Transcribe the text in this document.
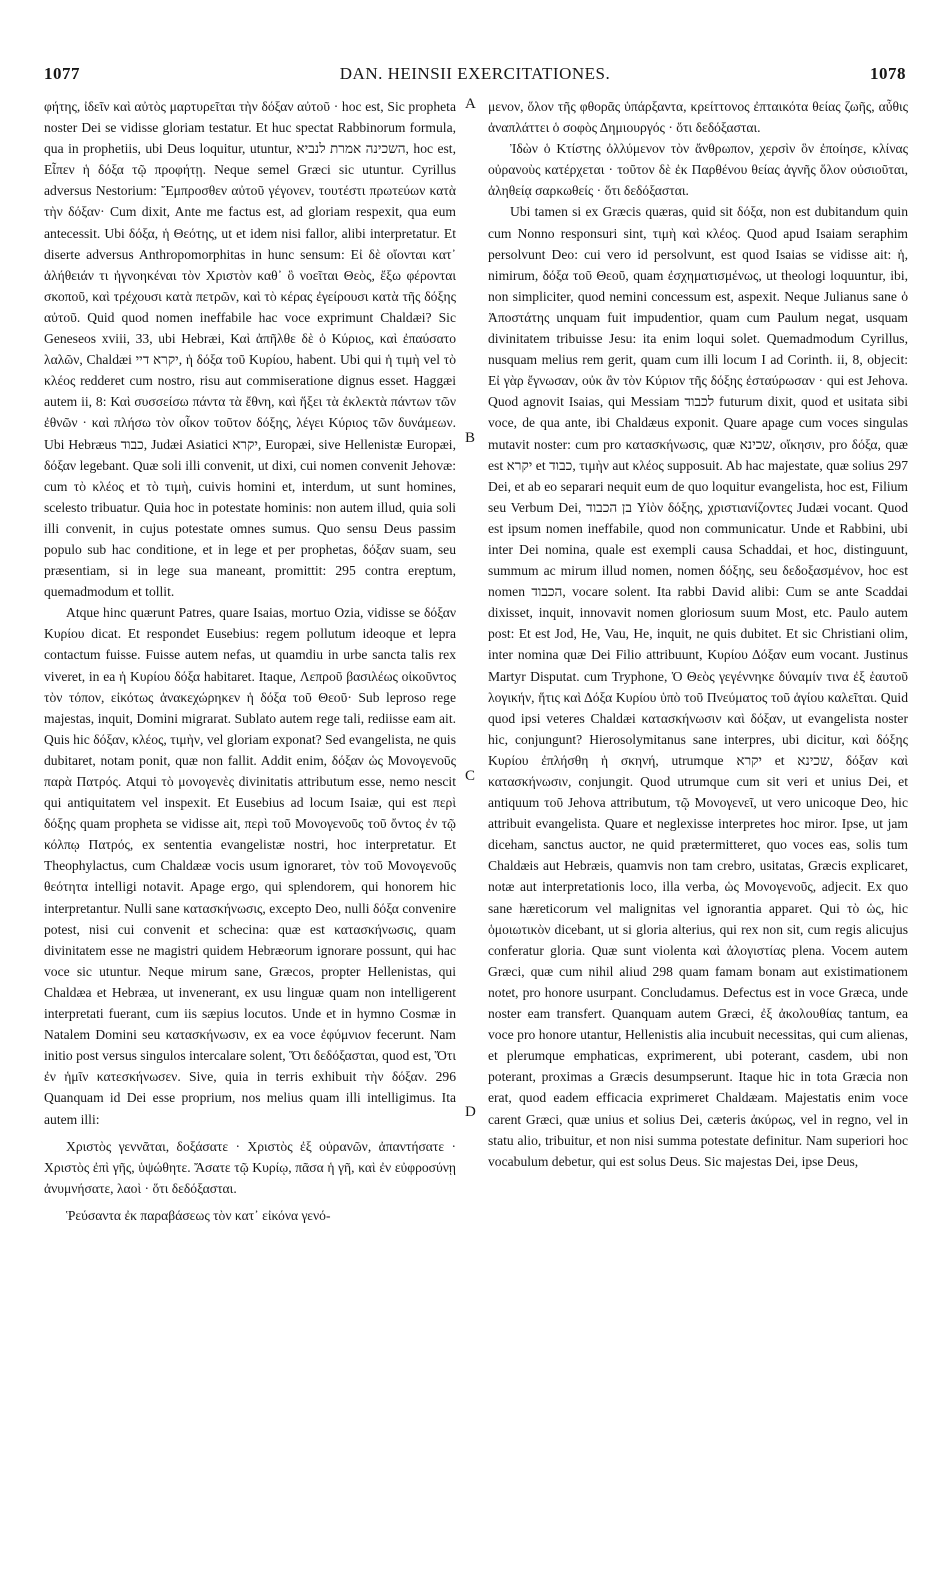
1077	DAN. HEINSII EXERCITATIONES.	1078
A
B
C
D

φήτης, ἰδεῖν καὶ αὐτὸς μαρτυρεῖται τὴν δόξαν αὐτοῦ · hoc est, Sic propheta noster Dei se vidisse gloriam testatur. Et huc spectat Rabbinorum formula, qua in prophetiis, ubi Deus loquitur, utuntur, השכינה אמרת לנביא, hoc est, Εἶπεν ἡ δόξα τῷ προφήτῃ. Neque semel Græci sic utuntur. Cyrillus adversus Nestorium: Ἔμπροσθεν αὐτοῦ γέγονεν, τουτέστι πρωτεύων κατὰ τὴν δόξαν· Cum dixit, Ante me factus est, ad gloriam respexit, qua eum antecessit. Ubi δόξα, ἡ Θεότης, ut et idem nisi fallor, alibi interpretatur. Et diserte adversus Anthropomorphitas in hunc sensum: Εἰ δὲ οἴονται κατ᾿ ἀλήθειάν τι ἠγνοηκέναι τὸν Χριστὸν καθ᾿ ὃ νοεῖται Θεὸς, ἔξω φέρονται σκοποῦ, καὶ τρέχουσι κατὰ πετρῶν, καὶ τὸ κέρας ἐγείρουσι κατὰ τῆς δόξης αὐτοῦ. Quid quod nomen ineffabile hac voce exprimunt Chaldæi? Sic Geneseos xviii, 33, ubi Hebræi, Καὶ ἀπῆλθε δὲ ὁ Κύριος, καὶ ἐπαύσατο λαλῶν, Chaldæi יקרא דיי, ἡ δόξα τοῦ Κυρίου, habent. Ubi qui ἡ τιμὴ vel τὸ κλέος redderet cum nostro, risu aut commiseratione dignus esset. Haggæi autem ii, 8: Καὶ συσσείσω πάντα τὰ ἔθνη, καὶ ἥξει τὰ ἐκλεκτὰ πάντων τῶν ἐθνῶν · καὶ πλήσω τὸν οἶκον τοῦτον δόξης, λέγει Κύριος τῶν δυνάμεων. Ubi Hebræus כבוד, Judæi Asiatici יקרא, Europæi, sive Hellenistæ Europæi, δόξαν legebant. Quæ soli illi convenit, ut dixi, cui nomen convenit Jehovæ: cum τὸ κλέος et τὸ τιμὴ, cuivis homini et, interdum, ut sunt homines, scelesto tribuatur. Quia hoc in potestate hominis: non autem illud, quia soli illi convenit, in cujus potestate omnes sumus. Quo sensu Deus passim populo sub hac conditione, et in lege et per prophetas, δόξαν suam, seu præsentiam, si in lege sua maneant, promittit: 295 contra ereptum, quemadmodum et tollit.

Atque hinc quærunt Patres, quare Isaias, mortuo Ozia, vidisse se δόξαν Κυρίου dicat. Et respondet Eusebius: regem pollutum ideoque et lepra contactum fuisse. Fuisse autem nefas, ut quamdiu in urbe sancta talis rex viveret, in ea ἡ Κυρίου δόξα habitaret. Itaque, Λεπροῦ βασιλέως οἰκοῦντος τὸν τόπον, εἰκότως ἀνακεχώρηκεν ἡ δόξα τοῦ Θεοῦ· Sub leproso rege majestas, inquit, Domini migrarat. Sublato autem rege tali, rediisse eam ait. Quis hic δόξαν, κλέος, τιμὴν, vel gloriam exponat? Sed evangelista, ne quis dubitaret, notam ponit, quæ non fallit. Addit enim, δόξαν ὡς Μονογενοῦς παρὰ Πατρός. Atqui τὸ μονογενὲς divinitatis attributum esse, nemo nescit qui antiquitatem vel inspexit. Et Eusebius ad locum Isaiæ, qui est περὶ δόξης quam propheta se vidisse ait, περὶ τοῦ Μονογενοῦς τοῦ ὄντος ἐν τῷ κόλπῳ Πατρός, ex sententia evangelistæ nostri, hoc interpretatur. Et Theophylactus, cum Chaldææ vocis usum ignoraret, τὸν τοῦ Μονογενοῦς θεότητα intelligi notavit. Apage ergo, qui splendorem, qui honorem hic interpretantur. Nulli sane κατασκήνωσις, excepto Deo, nulli δόξα convenire potest, nisi cui convenit et schecina: quæ est κατασκήνωσις, quam divinitatem esse ne magistri quidem Hebræorum ignorare possunt, qui hac voce sic utuntur. Neque mirum sane, Græcos, propter Hellenistas, qui Chaldæa et Hebræa, ut invenerant, ex usu linguæ quam non intelligerent interpretati fuerant, cum iis sæpius locutos. Unde et in hymno Cosmæ in Natalem Domini seu κατασκήνωσιν, ex ea voce ἐφύμνιον fecerunt. Nam initio post versus singulos intercalare solent, Ὅτι δεδόξασται, quod est, Ὅτι ἐν ἡμῖν κατεσκήνωσεν. Sive, quia in terris exhibuit τὴν δόξαν. 296 Quanquam id Dei esse proprium, nos melius quam illi intelligimus. Ita autem illi:

Χριστὸς γεννᾶται, δοξάσατε · Χριστὸς ἐξ οὐρανῶν, ἀπαντήσατε · Χριστὸς ἐπὶ γῆς, ὑψώθητε. Ἄσατε τῷ Κυρίῳ, πᾶσα ἡ γῆ, καὶ ἐν εὐφροσύνῃ ἀνυμνήσατε, λαοὶ · ὅτι δεδόξασται.

Ῥεύσαντα ἐκ παραβάσεως τὸν κατ᾿ εἰκόνα γενό-

μενον, ὅλον τῆς φθορᾶς ὑπάρξαντα, κρείττονος ἐπταικότα θείας ζωῆς, αὖθις ἀναπλάττει ὁ σοφὸς Δημιουργός · ὅτι δεδόξασται.

Ἰδὼν ὁ Κτίστης ὀλλύμενον τὸν ἄνθρωπον, χερσὶν ὃν ἐποίησε, κλίνας οὐρανοὺς κατέρχεται · τοῦτον δὲ ἐκ Παρθένου θείας ἁγνῆς ὅλον οὐσιοῦται, ἀληθείᾳ σαρκωθείς · ὅτι δεδόξασται.

Ubi tamen si ex Græcis quæras, quid sit δόξα, non est dubitandum quin cum Nonno responsuri sint, τιμὴ καὶ κλέος. Quod apud Isaiam seraphim persolvunt Deo: cui vero id persolvunt, est quod Isaias se vidisse ait: ἡ, nimirum, δόξα τοῦ Θεοῦ, quam ἐσχηματισμένως, ut theologi loquuntur, ibi, non simpliciter, quod nemini concessum est, aspexit. Neque Julianus sane ὁ Ἀποστάτης unquam fuit impudentior, quam cum Paulum negat, usquam divinitatem tribuisse Jesu: ita enim loqui solet. Quemadmodum Cyrillus, nusquam melius rem gerit, quam cum illi locum I ad Corinth. ii, 8, objecit: Εἰ γὰρ ἔγνωσαν, οὐκ ἂν τὸν Κύριον τῆς δόξης ἐσταύρωσαν · qui est Jehova. Quod agnovit Isaias, qui Messiam לכבוד futurum dixit, quod et usitata sibi voce, de qua ante, ibi Chaldæus exponit. Quare apage cum voces singulas mutavit noster: cum pro κατασκήνωσις, quæ שכינא, οἴκησιν, pro δόξα, quæ est יקרא et כבוד, τιμὴν aut κλέος supposuit. Ab hac majestate, quæ solius 297 Dei, et ab eo separari nequit eum de quo loquitur evangelista, hoc est, Filium seu Verbum Dei, בן הכבוד Υἱὸν δόξης, χριστιανίζοντες Judæi vocant. Quod est ipsum nomen ineffabile, quod non communicatur. Unde et Rabbini, ubi inter Dei nomina, quale est exempli causa Schaddai, et hoc, distinguunt, summum ac mirum illud nomen, nomen δόξης, seu δεδοξασμένον, hoc est nomen הכבוד, vocare solent. Ita rabbi David alibi: Cum se ante Scaddai dixisset, inquit, innovavit nomen gloriosum suum Most, etc. Paulo autem post: Et est Jod, He, Vau, He, inquit, ne quis dubitet. Et sic Christiani olim, inter nomina quæ Dei Filio attribuunt, Κυρίου Δόξαν eum vocant. Justinus Martyr Disputat. cum Tryphone, Ὁ Θεὸς γεγέννηκε δύναμίν τινα ἐξ ἑαυτοῦ λογικήν, ἥτις καὶ Δόξα Κυρίου ὑπὸ τοῦ Πνεύματος τοῦ ἁγίου καλεῖται. Quid quod ipsi veteres Chaldæi κατασκήνωσιν καὶ δόξαν, ut evangelista noster hic, conjungunt? Hierosolymitanus sane interpres, ubi dicitur, καὶ δόξης Κυρίου ἐπλήσθη ἡ σκηνή, utrumque יקרא et שכינא, δόξαν καὶ κατασκήνωσιν, conjungit. Quod utrumque cum sit veri et unius Dei, et antiquum τοῦ Jehova attributum, τῷ Μονογενεῖ, ut vero unicoque Deo, hic attribuit evangelista. Quare et neglexisse interpretes hoc miror. Ipse, ut jam diceham, sanctus auctor, ne quid prætermitteret, quo voces eas, solis tum Chaldæis aut Hebræis, quamvis non tam crebro, usitatas, Græcis explicaret, notæ aut interpretationis loco, illa verba, ὡς Μονογενοῦς, adjecit. Ex quo sane hæreticorum vel malignitas vel ignorantia apparet. Qui τὸ ὡς, hic ὁμοιωτικὸν dicebant, ut si gloria alterius, qui rex non sit, cum regis alicujus conferatur gloria. Quæ sunt violenta καὶ ἀλογιστίας plena. Vocem autem Græci, quæ cum nihil aliud 298 quam famam bonam aut existimationem notet, pro honore usurpant. Concludamus. Defectus est in voce Græca, unde noster eam transfert. Quanquam autem Græci, ἐξ ἀκολουθίας tantum, ea voce pro honore utantur, Hellenistis alia incubuit necessitas, qui cum alienas, et plerumque emphaticas, exprimerent, ubi poterant, casdem, ubi non poterant, proximas a Græcis desumpserunt. Itaque hic in tota Græcia non erat, quod eadem efficacia exprimeret Chaldæam. Majestatis enim voce carent Græci, quæ unius et solius Dei, cæteris ἀκύρως, vel in regno, vel in statu alio, tribuitur, et non nisi summa potestate definitur. Nam superiori hoc vocabulum debetur, qui est solus Deus. Sic majestas Dei, ipse Deus,
